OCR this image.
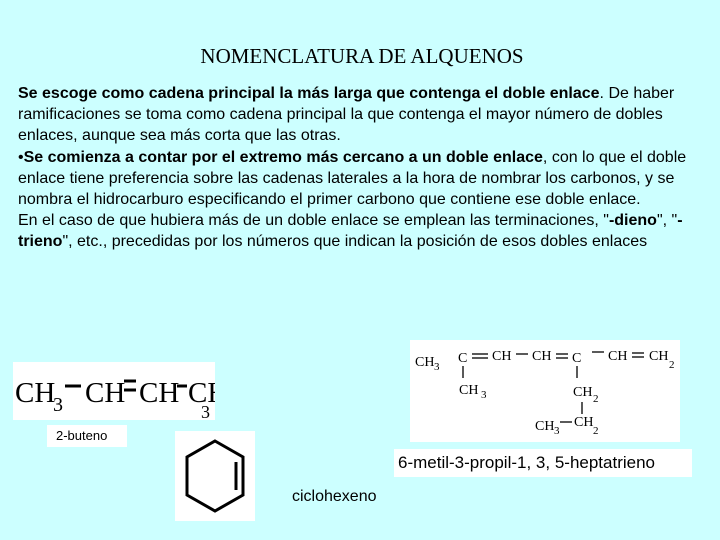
NOMENCLATURA DE ALQUENOS

Se escoge como cadena principal la más larga que contenga el doble enlace. De haber ramificaciones se toma como cadena principal la que contenga el mayor número de dobles enlaces, aunque sea más corta que las otras.

•Se comienza a contar por el extremo más cercano a un doble enlace, con lo que el doble enlace tiene preferencia sobre las cadenas laterales a la hora de nombrar los carbonos, y se nombra el hidrocarburo especificando el primer carbono que contiene ese doble enlace.

En el caso de que hubiera más de un doble enlace se emplean las terminaciones, "-dieno", "-trieno", etc., precedidas por los números que indican la posición de esos dobles enlaces

CH
3 CH CH C
3
2-buteno
CH 3
C CH CH C CH CH
2
CH 3	CH 2
CH 3
CH
2
6-metil-3-propil-1, 3, 5-heptatrieno
ciclohexeno
